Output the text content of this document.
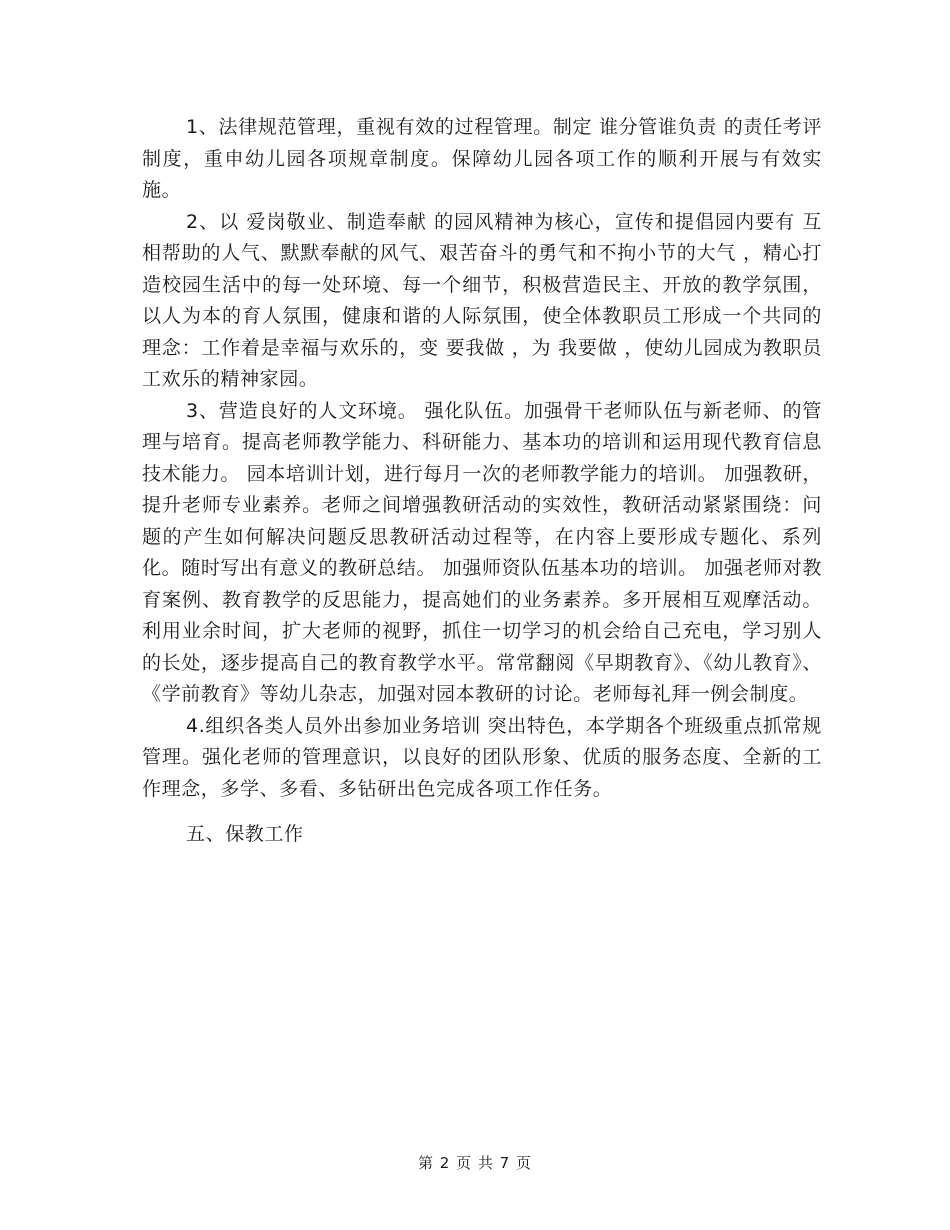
1、法律规范管理，重视有效的过程管理。制定 谁分管谁负责 的责任考评制度，重申幼儿园各项规章制度。保障幼儿园各项工作的顺利开展与有效实施。

2、以 爱岗敬业、制造奉献 的园风精神为核心，宣传和提倡园内要有 互相帮助的人气、默默奉献的风气、艰苦奋斗的勇气和不拘小节的大气 ，精心打造校园生活中的每一处环境、每一个细节，积极营造民主、开放的教学氛围，以人为本的育人氛围，健康和谐的人际氛围，使全体教职员工形成一个共同的理念：工作着是幸福与欢乐的，变 要我做 ，为 我要做 ，使幼儿园成为教职员工欢乐的精神家园。

3、营造良好的人文环境。 强化队伍。加强骨干老师队伍与新老师、的管理与培育。提高老师教学能力、科研能力、基本功的培训和运用现代教育信息技术能力。 园本培训计划，进行每月一次的老师教学能力的培训。 加强教研，提升老师专业素养。老师之间增强教研活动的实效性，教研活动紧紧围绕：问题的产生如何解决问题反思教研活动过程等，在内容上要形成专题化、系列化。随时写出有意义的教研总结。 加强师资队伍基本功的培训。 加强老师对教育案例、教育教学的反思能力，提高她们的业务素养。多开展相互观摩活动。利用业余时间，扩大老师的视野，抓住一切学习的机会给自己充电，学习别人的长处，逐步提高自己的教育教学水平。常常翻阅《早期教育》、《幼儿教育》、《学前教育》等幼儿杂志，加强对园本教研的讨论。老师每礼拜一例会制度。

4.组织各类人员外出参加业务培训 突出特色，本学期各个班级重点抓常规管理。强化老师的管理意识，以良好的团队形象、优质的服务态度、全新的工作理念，多学、多看、多钻研出色完成各项工作任务。

五、保教工作

第 2 页 共 7 页
